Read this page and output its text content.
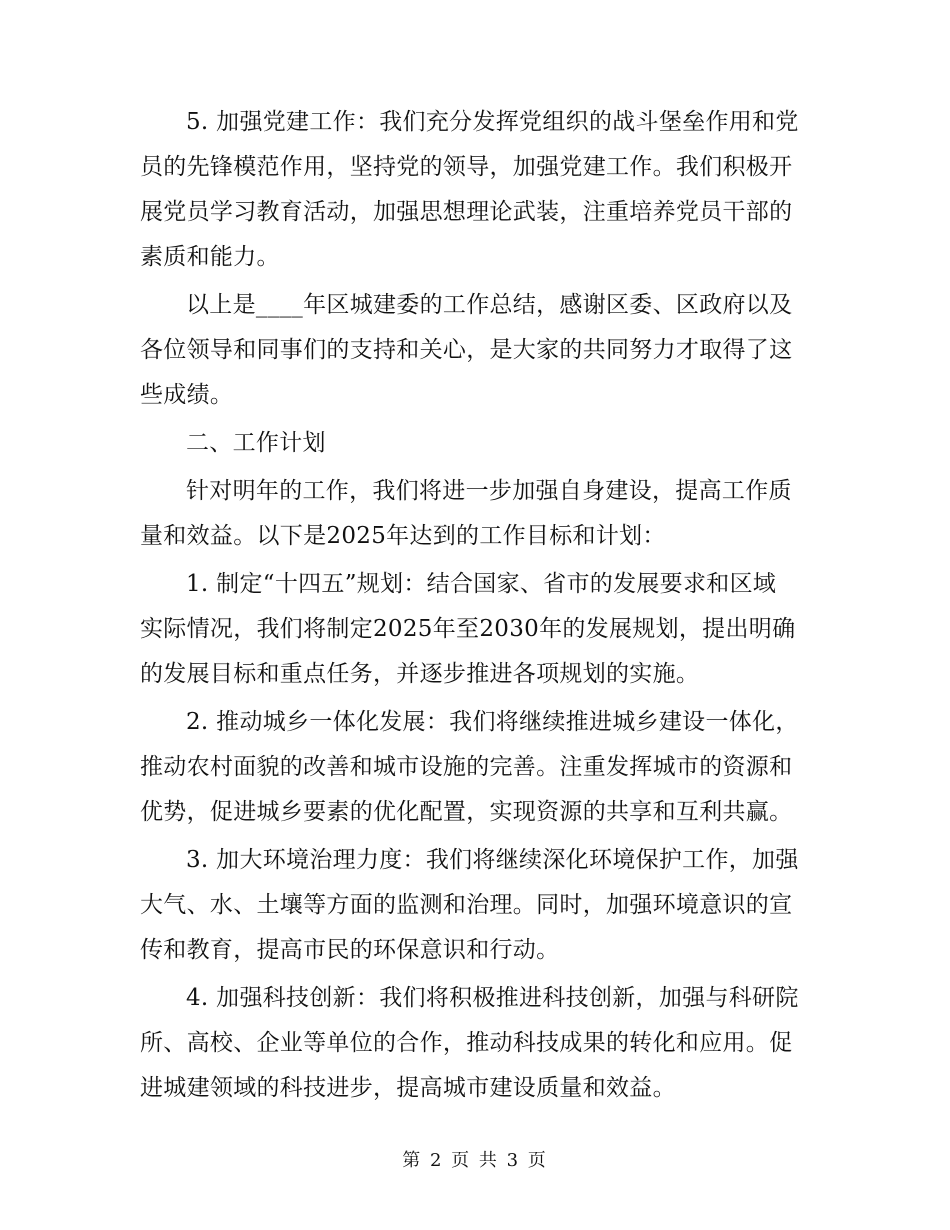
5. 加强党建工作：我们充分发挥党组织的战斗堡垒作用和党
员的先锋模范作用，坚持党的领导，加强党建工作。我们积极开
展党员学习教育活动，加强思想理论武装，注重培养党员干部的
素质和能力。

以上是____年区城建委的工作总结，感谢区委、区政府以及
各位领导和同事们的支持和关心，是大家的共同努力才取得了这
些成绩。

二、工作计划

针对明年的工作，我们将进一步加强自身建设，提高工作质
量和效益。以下是2025年达到的工作目标和计划：

1. 制定“十四五”规划：结合国家、省市的发展要求和区域
实际情况，我们将制定2025年至2030年的发展规划，提出明确
的发展目标和重点任务，并逐步推进各项规划的实施。

2. 推动城乡一体化发展：我们将继续推进城乡建设一体化，
推动农村面貌的改善和城市设施的完善。注重发挥城市的资源和
优势，促进城乡要素的优化配置，实现资源的共享和互利共赢。

3. 加大环境治理力度：我们将继续深化环境保护工作，加强
大气、水、土壤等方面的监测和治理。同时，加强环境意识的宣
传和教育，提高市民的环保意识和行动。

4. 加强科技创新：我们将积极推进科技创新，加强与科研院
所、高校、企业等单位的合作，推动科技成果的转化和应用。促
进城建领域的科技进步，提高城市建设质量和效益。

第 2 页 共 3 页
